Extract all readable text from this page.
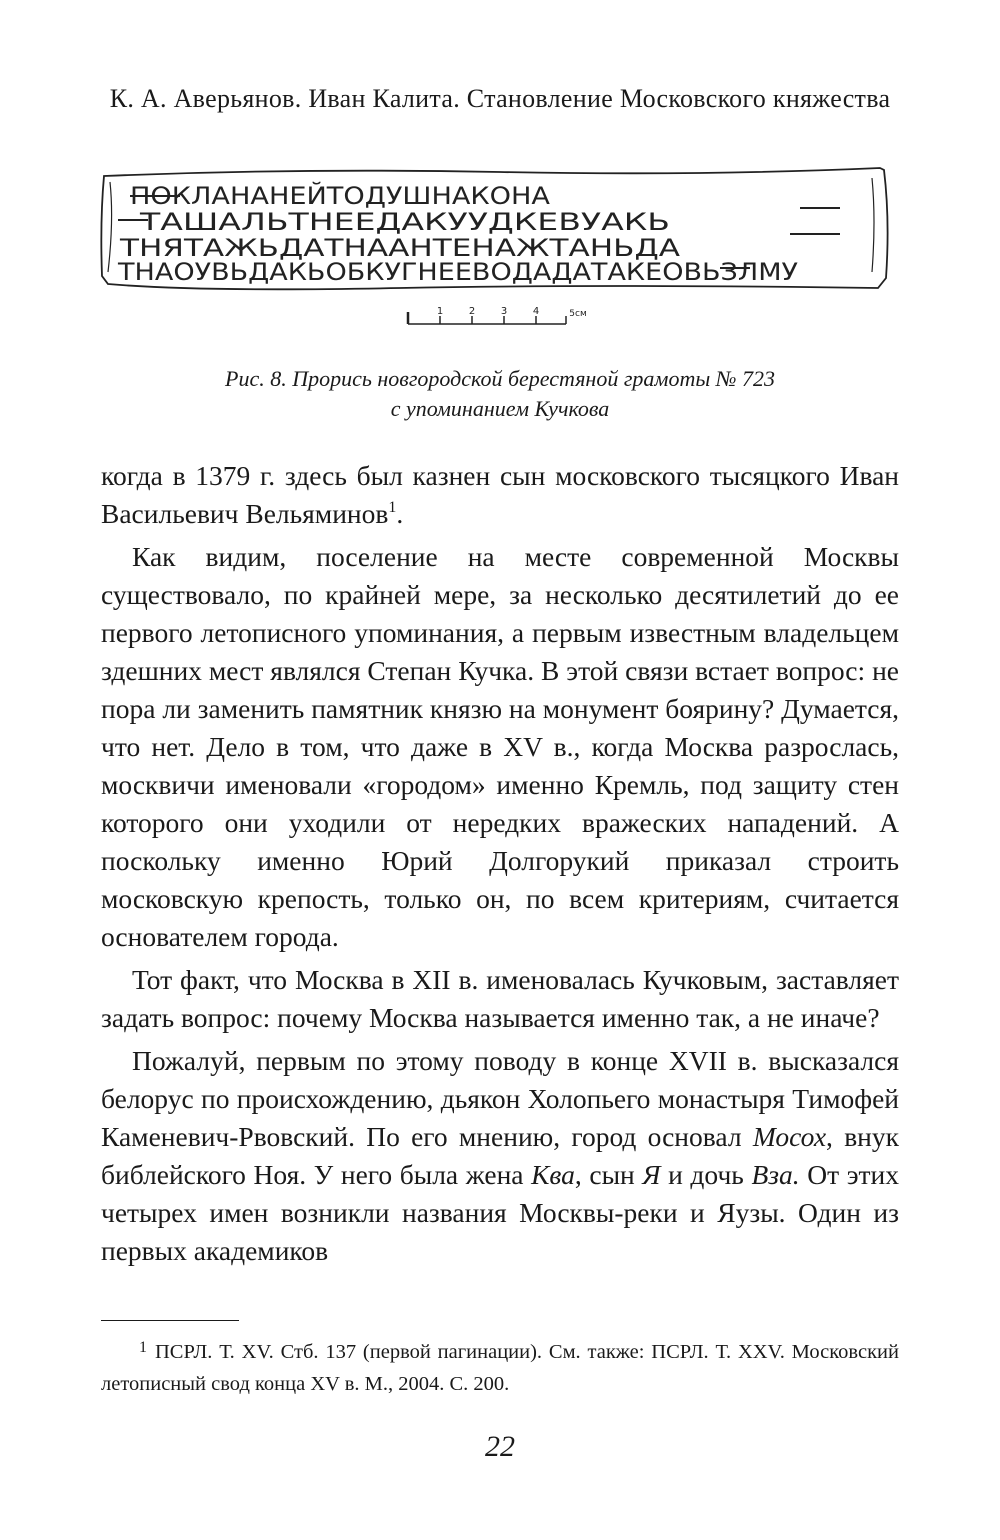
К. А. Аверьянов. Иван Калита. Становление Московского княжества
ПОКЛАНАНЕЙТОДУШНАКОНА
ТАШАЛЬТНЕЕДАКУУДКЕВУАКЬ
ТНЯТАЖЬДАТНААНТЕНАЖТАНЬДА
ТНАОУВЬДАКЬОБКУГНЕЕВОДАДАТАКЕОВЬЗЛМУ
1	2	3	4	5см
Рис. 8. Прорись новгородской берестяной грамоты № 723
с упоминанием Кучкова

когда в 1379 г. здесь был казнен сын московского тысяцкого Иван Васильевич Вельяминов$^1$.

Как видим, поселение на месте современной Москвы существовало, по крайней мере, за несколько десятилетий до ее первого летописного упоминания, а первым известным владельцем здешних мест являлся Степан Кучка. В этой связи встает вопрос: не пора ли заменить памятник князю на монумент боярину? Думается, что нет. Дело в том, что даже в XV в., когда Москва разрослась, москвичи именовали «городом» именно Кремль, под защиту стен которого они уходили от нередких вражеских нападений. А поскольку именно Юрий Долгорукий приказал строить московскую крепость, только он, по всем критериям, считается основателем города.

Тот факт, что Москва в XII в. именовалась Кучковым, заставляет задать вопрос: почему Москва называется именно так, а не иначе?

Пожалуй, первым по этому поводу в конце XVII в. высказался белорус по происхождению, дьякон Холопьего монастыря Тимофей Каменевич-Рвовский. По его мнению, город основал Мосох, внук библейского Ноя. У него была жена Ква, сын Я и дочь Вза. От этих четырех имен возникли названия Москвы-реки и Яузы. Один из первых академиков

1 ПСРЛ. Т. XV. Стб. 137 (первой пагинации). См. также: ПСРЛ. Т. XXV. Московский летописный свод конца XV в. М., 2004. С. 200.
22
